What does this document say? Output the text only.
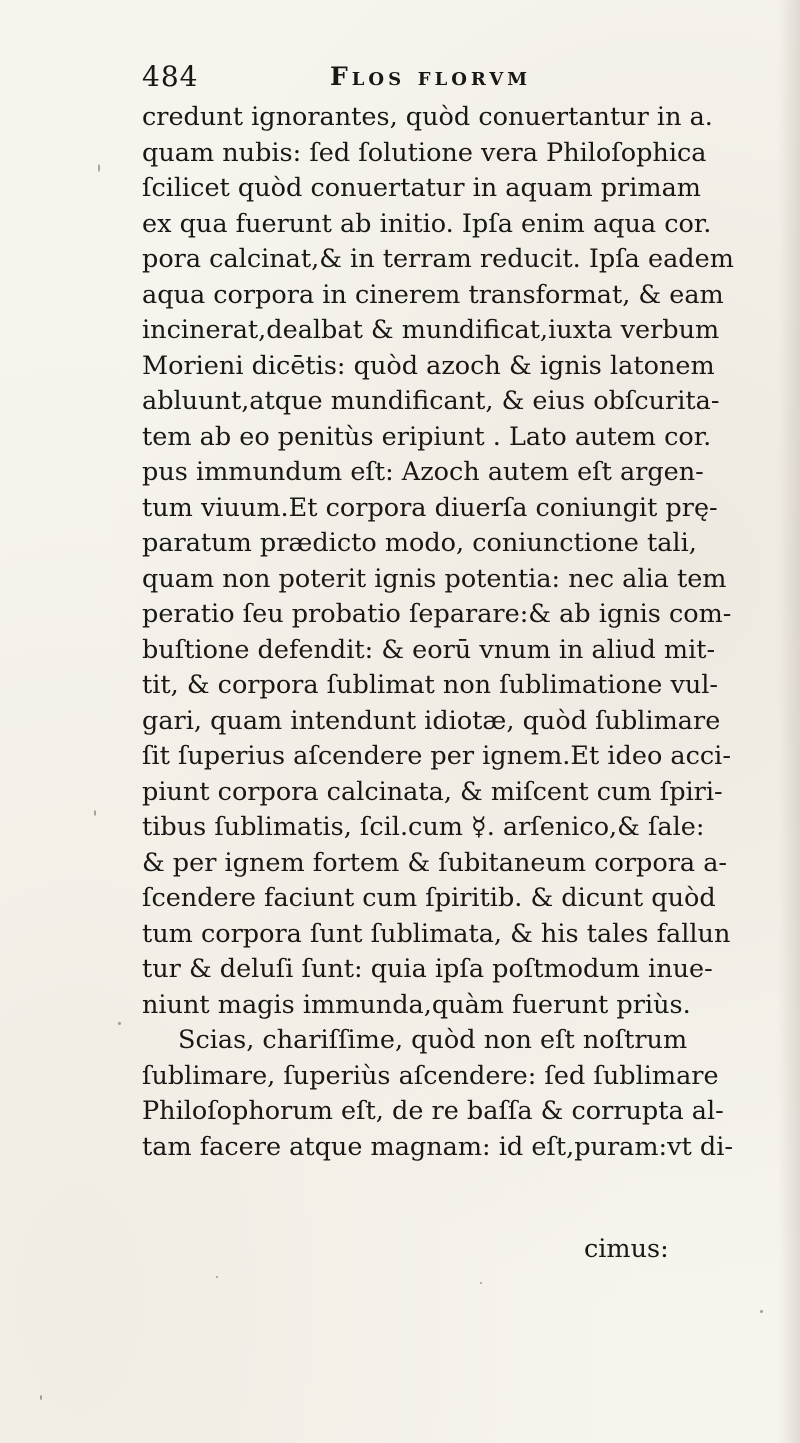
484	Flos florvm
credunt ignorantes, quòd conuertantur in a.
quam nubis: ſed ſolutione vera Philoſophica
ſcilicet quòd conuertatur in aquam primam
ex qua fuerunt ab initio. Ipſa enim aqua cor.
pora calcinat,& in terram reducit. Ipſa eadem
aqua corpora in cinerem transformat, & eam
incinerat,dealbat & mundificat,iuxta verbum
Morieni dicētis: quòd azoch & ignis latonem
abluunt,atque mundificant, & eius obſcurita-
tem ab eo penitùs eripiunt . Lato autem cor.
pus immundum eſt: Azoch autem eſt argen-
tum viuum.Et corpora diuerſa coniungit prę-
paratum prædicto modo, coniunctione tali,
quam non poterit ignis potentia: nec alia tem
peratio ſeu probatio ſeparare:& ab ignis com-
buſtione defendit: & eorū vnum in aliud mit-
tit, & corpora ſublimat non ſublimatione vul-
gari, quam intendunt idiotæ, quòd ſublimare
ſit ſuperius aſcendere per ignem.Et ideo acci-
piunt corpora calcinata, & miſcent cum ſpiri-
tibus ſublimatis, ſcil.cum ☿. arſenico,& ſale:
& per ignem fortem & ſubitaneum corpora a-
ſcendere faciunt cum ſpiritib. & dicunt quòd
tum corpora ſunt ſublimata, & his tales fallun
tur & deluſi ſunt: quia ipſa poſtmodum inue-
niunt magis immunda,quàm fuerunt priùs.
Scias, chariſſime, quòd non eſt noſtrum
ſublimare, ſuperiùs aſcendere: ſed ſublimare
Philoſophorum eſt, de re baſſa & corrupta al-
tam facere atque magnam: id eſt,puram:vt di-
cimus:
